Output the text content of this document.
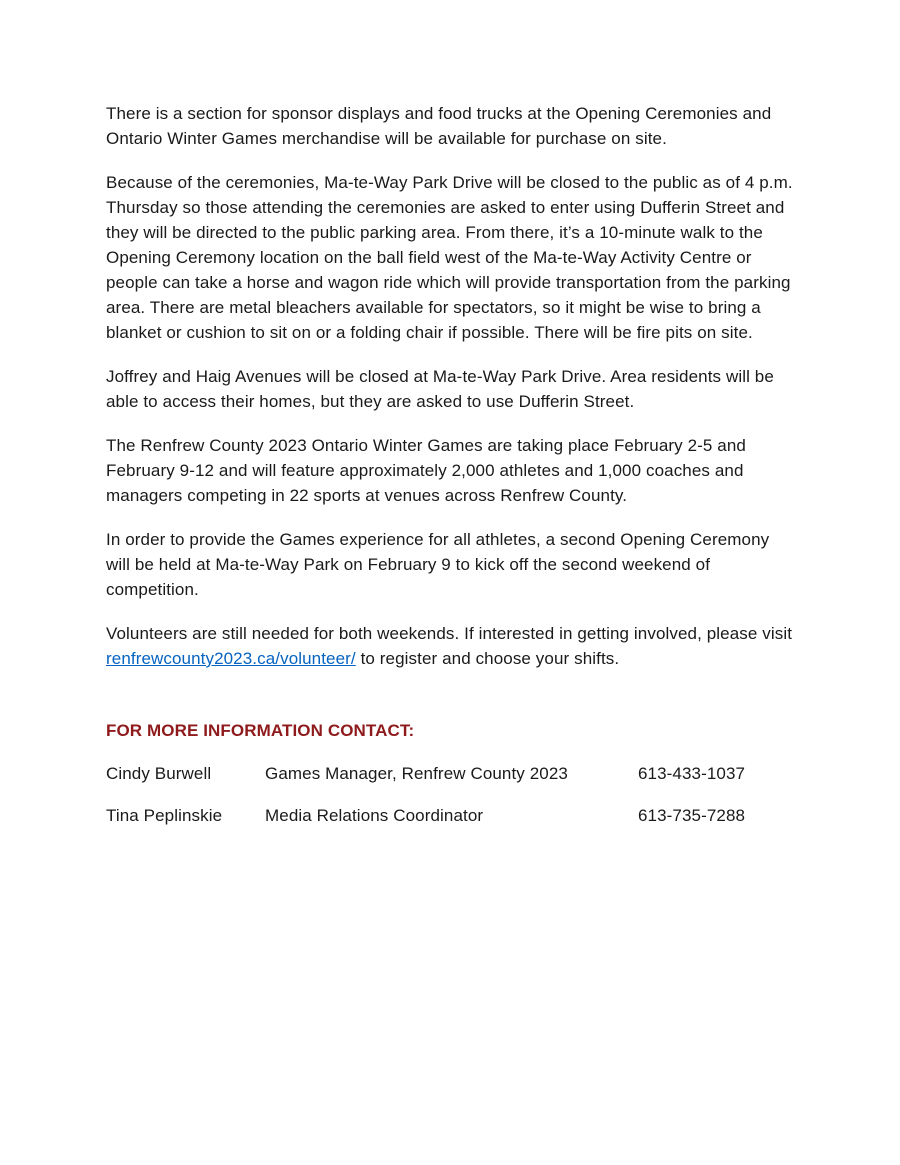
There is a section for sponsor displays and food trucks at the Opening Ceremonies and Ontario Winter Games merchandise will be available for purchase on site.

Because of the ceremonies, Ma-te-Way Park Drive will be closed to the public as of 4 p.m. Thursday so those attending the ceremonies are asked to enter using Dufferin Street and they will be directed to the public parking area. From there, it’s a 10-minute walk to the Opening Ceremony location on the ball field west of the Ma-te-Way Activity Centre or people can take a horse and wagon ride which will provide transportation from the parking area. There are metal bleachers available for spectators, so it might be wise to bring a blanket or cushion to sit on or a folding chair if possible. There will be fire pits on site.

Joffrey and Haig Avenues will be closed at Ma-te-Way Park Drive. Area residents will be able to access their homes, but they are asked to use Dufferin Street.

The Renfrew County 2023 Ontario Winter Games are taking place February 2-5 and February 9-12 and will feature approximately 2,000 athletes and 1,000 coaches and managers competing in 22 sports at venues across Renfrew County.

In order to provide the Games experience for all athletes, a second Opening Ceremony will be held at Ma-te-Way Park on February 9 to kick off the second weekend of competition.

Volunteers are still needed for both weekends. If interested in getting involved, please visit renfrewcounty2023.ca/volunteer/ to register and choose your shifts.

FOR MORE INFORMATION CONTACT:
Cindy Burwell	Games Manager, Renfrew County 2023	613-433-1037
Tina Peplinskie	Media Relations Coordinator	613-735-7288
